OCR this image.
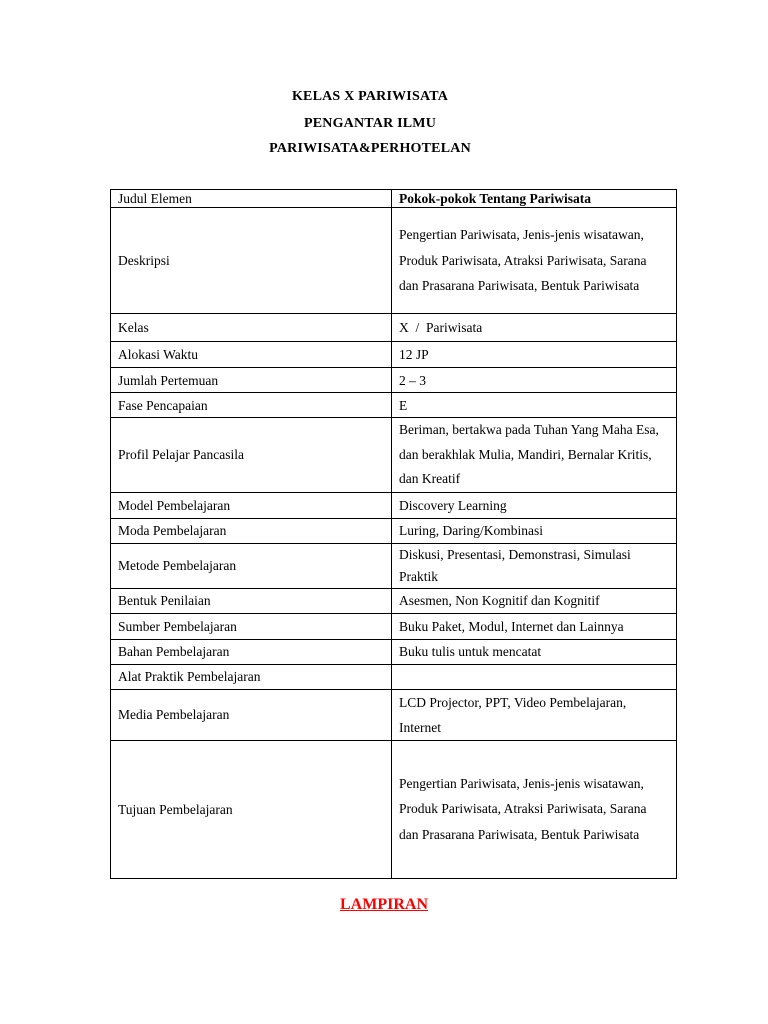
KELAS X PARIWISATA
PENGANTAR ILMU
PARIWISATA&PERHOTELAN
Judul Elemen	Pokok-pokok Tentang Pariwisata
Deskripsi	Pengertian Pariwisata, Jenis-jenis wisatawan, Produk Pariwisata, Atraksi Pariwisata, Sarana dan Prasarana Pariwisata, Bentuk Pariwisata
Kelas	X  /  Pariwisata
Alokasi Waktu	12 JP
Jumlah Pertemuan	2 – 3
Fase Pencapaian	E
Profil Pelajar Pancasila	Beriman, bertakwa pada Tuhan Yang Maha Esa, dan berakhlak Mulia, Mandiri, Bernalar Kritis, dan Kreatif
Model Pembelajaran	Discovery Learning
Moda Pembelajaran	Luring, Daring/Kombinasi
Metode Pembelajaran	Diskusi, Presentasi, Demonstrasi, Simulasi Praktik
Bentuk Penilaian	Asesmen, Non Kognitif dan Kognitif
Sumber Pembelajaran	Buku Paket, Modul, Internet dan Lainnya
Bahan Pembelajaran	Buku tulis untuk mencatat
Alat Praktik Pembelajaran	
Media Pembelajaran	LCD Projector, PPT, Video Pembelajaran, Internet
Tujuan Pembelajaran	Pengertian Pariwisata, Jenis-jenis wisatawan, Produk Pariwisata, Atraksi Pariwisata, Sarana dan Prasarana Pariwisata, Bentuk Pariwisata
LAMPIRAN
